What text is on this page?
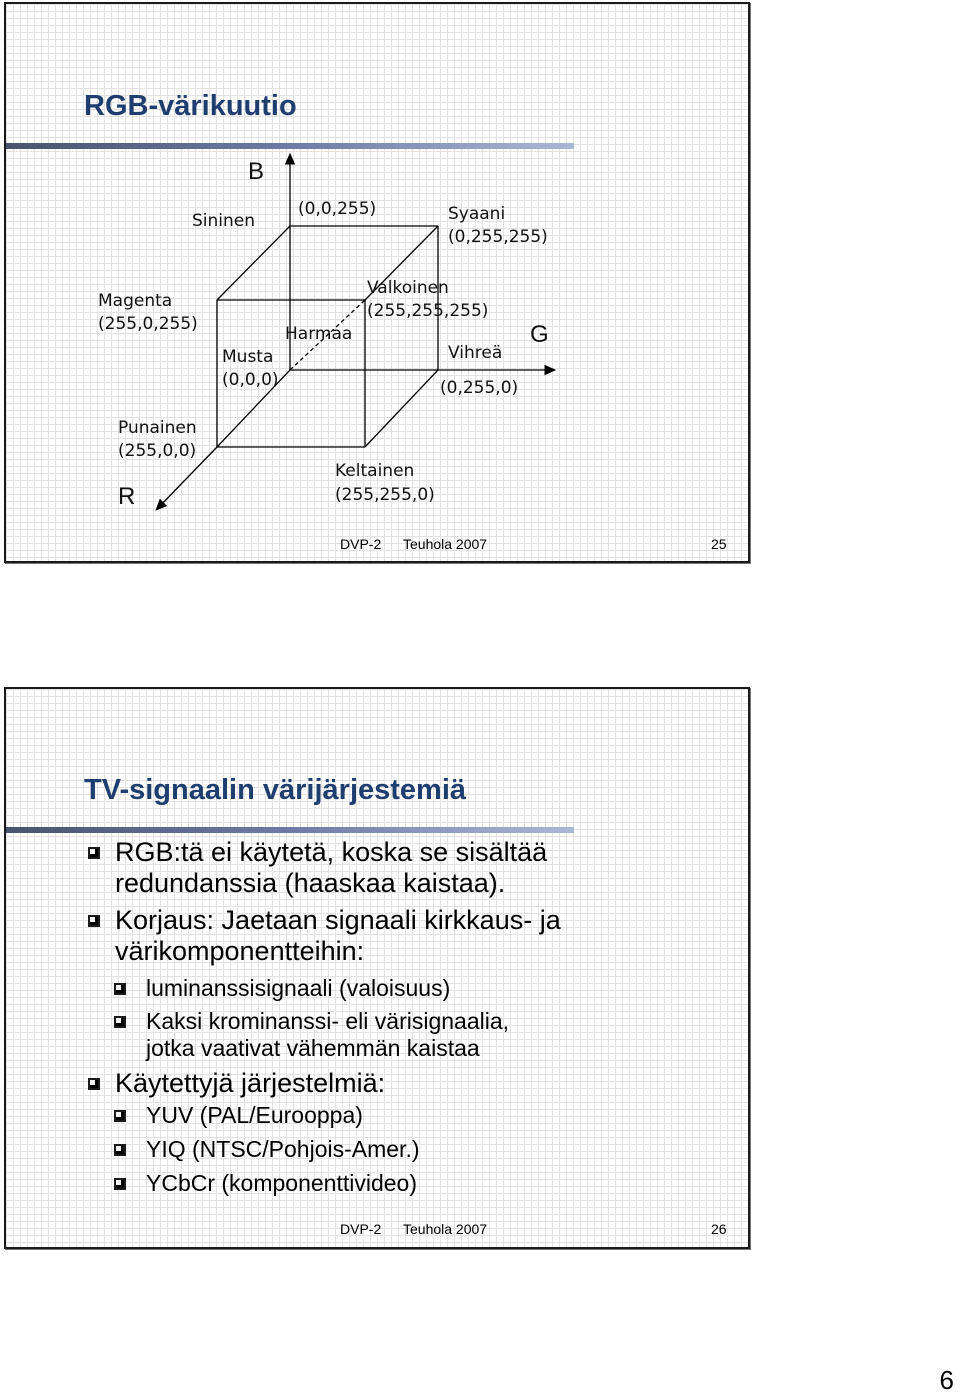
RGB-värikuutio
B
G
R
Sininen
(0,0,255)	Syaani
(0,255,255)
Magenta
(255,0,255)
Valkoinen
(255,255,255)
Harmaa
Musta
(0,0,0)
Vihreä
(0,255,0)
Punainen
(255,0,0)
Keltainen
(255,255,0)
DVP-2 Teuhola 2007	25
TV-signaalin värijärjestemiä
RGB:tä ei käytetä, koska se sisältää
redundanssia (haaskaa kaistaa).
Korjaus: Jaetaan signaali kirkkaus- ja
värikomponentteihin:
luminanssisignaali (valoisuus)
Kaksi krominanssi- eli värisignaalia,
jotka vaativat vähemmän kaistaa
Käytettyjä järjestelmiä:
YUV (PAL/Eurooppa)
YIQ (NTSC/Pohjois-Amer.)
YCbCr (komponenttivideo)
DVP-2 Teuhola 2007	26
6
